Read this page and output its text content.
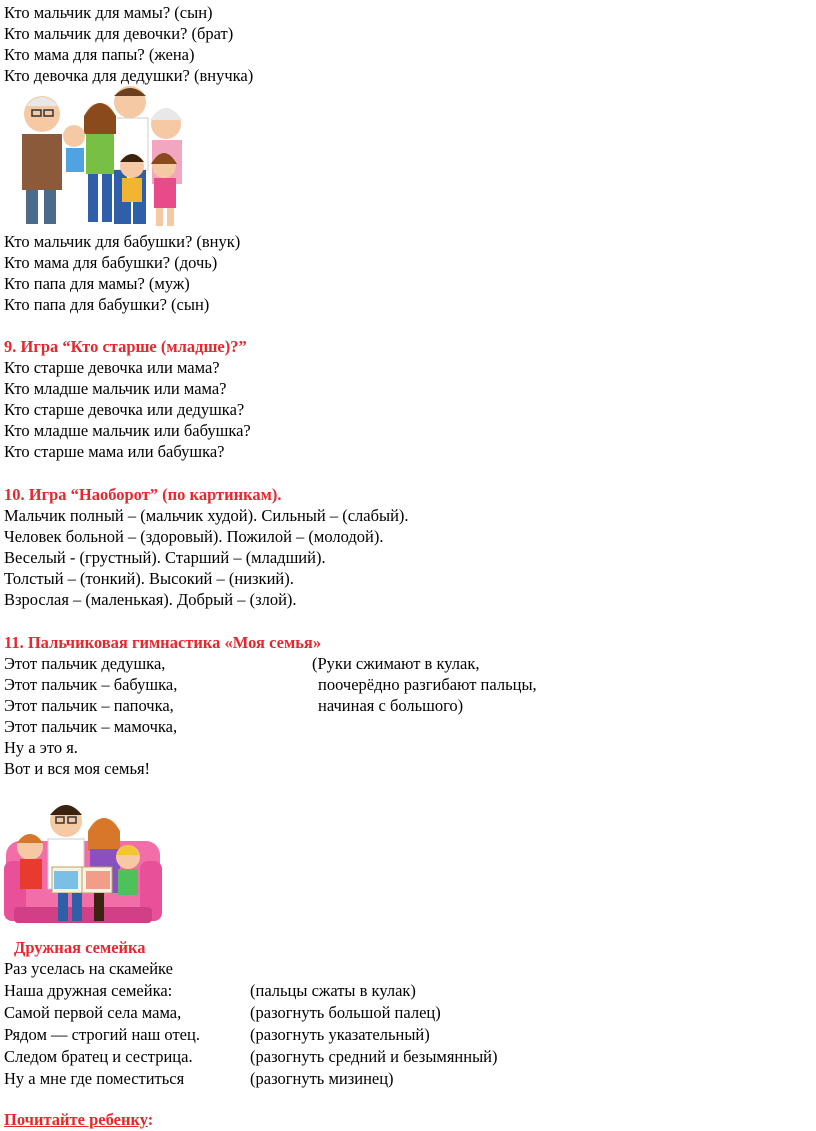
Кто мальчик для мамы? (сын)
Кто мальчик для девочки? (брат)
Кто мама для папы? (жена)
Кто девочка для дедушки? (внучка)
Кто мальчик для бабушки? (внук)
Кто мама для бабушки? (дочь)
Кто папа для мамы? (муж)
Кто папа для бабушки? (сын)
9. Игра “Кто старше (младше)?”
Кто старше девочка или мама?
Кто младше мальчик или мама?
Кто старше девочка или дедушка?
Кто младше мальчик или бабушка?
Кто старше мама или бабушка?
10. Игра “Наоборот” (по картинкам).
Мальчик полный – (мальчик худой). Сильный – (слабый).
Человек больной – (здоровый). Пожилой – (молодой).
Веселый - (грустный). Старший – (младший).
Толстый – (тонкий). Высокий – (низкий).
Взрослая – (маленькая). Добрый – (злой).
11. Пальчиковая гимнастика «Моя семья»
Этот пальчик дедушка,
Этот пальчик – бабушка,
Этот пальчик – папочка,
Этот пальчик – мамочка,
Ну а это я.
Вот и вся моя семья!
(Руки сжимают в кулак,
поочерёдно разгибают пальцы,
начиная с большого)
Дружная семейка
Раз уселась на скамейке
Наша дружная семейка:
Самой первой села мама,
Рядом — строгий наш отец.
Следом братец и сестрица.
Ну а мне где поместиться
(пальцы сжаты в кулак)
(разогнуть большой палец)
(разогнуть указательный)
(разогнуть средний и безымянный)
(разогнуть мизинец)
Почитайте ребенку:
